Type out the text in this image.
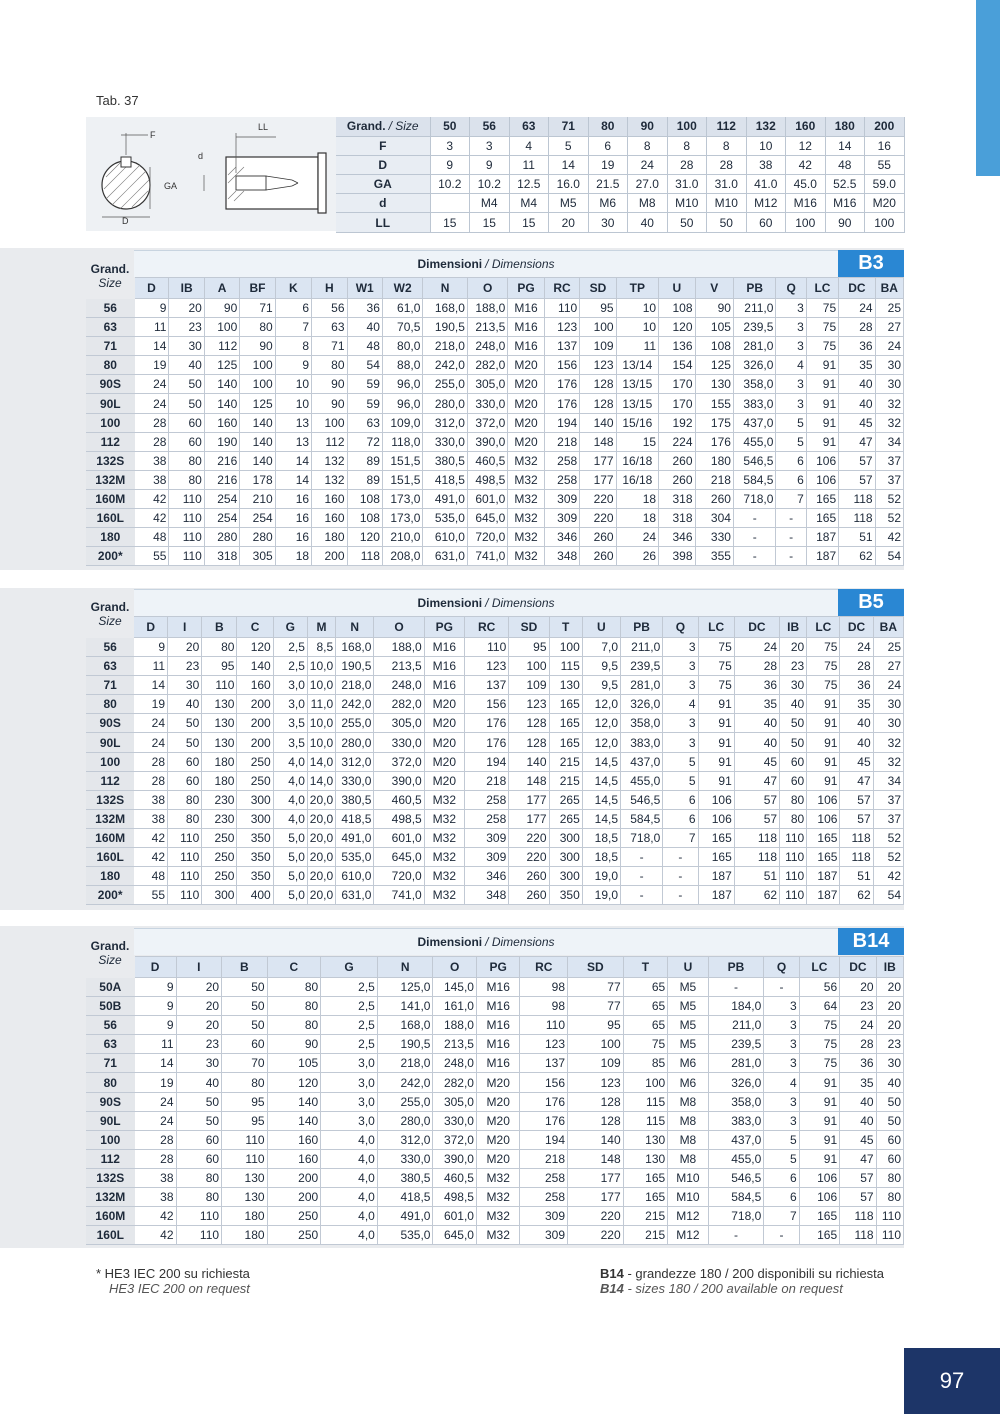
Tab. 37
F
GA
D
LL
d
Grand. / Size	50	56	63	71	80	90	100	112	132	160	180	200
F	3	3	4	5	6	8	8	8	10	12	14	16
D	9	9	11	14	19	24	28	28	38	42	48	55
GA	10.2	10.2	12.5	16.0	21.5	27.0	31.0	31.0	41.0	45.0	52.5	59.0
d		M4	M4	M5	M6	M8	M10	M10	M12	M16	M16	M20
LL	15	15	15	20	30	40	50	50	60	100	90	100
Grand.
Size
Dimensioni / Dimensions	B3
	D	IB	A	BF	K	H	W1	W2	N	O	PG	RC	SD	TP	U	V	PB	Q	LC	DC	BA
56	9	20	90	71	6	56	36	61,0	168,0	188,0	M16	110	95	10	108	90	211,0	3	75	24	25
63	11	23	100	80	7	63	40	70,5	190,5	213,5	M16	123	100	10	120	105	239,5	3	75	28	27
71	14	30	112	90	8	71	48	80,0	218,0	248,0	M16	137	109	11	136	108	281,0	3	75	36	24
80	19	40	125	100	9	80	54	88,0	242,0	282,0	M20	156	123	13/14	154	125	326,0	4	91	35	30
90S	24	50	140	100	10	90	59	96,0	255,0	305,0	M20	176	128	13/15	170	130	358,0	3	91	40	30
90L	24	50	140	125	10	90	59	96,0	280,0	330,0	M20	176	128	13/15	170	155	383,0	3	91	40	32
100	28	60	160	140	13	100	63	109,0	312,0	372,0	M20	194	140	15/16	192	175	437,0	5	91	45	32
112	28	60	190	140	13	112	72	118,0	330,0	390,0	M20	218	148	15	224	176	455,0	5	91	47	34
132S	38	80	216	140	14	132	89	151,5	380,5	460,5	M32	258	177	16/18	260	180	546,5	6	106	57	37
132M	38	80	216	178	14	132	89	151,5	418,5	498,5	M32	258	177	16/18	260	218	584,5	6	106	57	37
160M	42	110	254	210	16	160	108	173,0	491,0	601,0	M32	309	220	18	318	260	718,0	7	165	118	52
160L	42	110	254	254	16	160	108	173,0	535,0	645,0	M32	309	220	18	318	304	-	-	165	118	52
180	48	110	280	280	16	180	120	210,0	610,0	720,0	M32	346	260	24	346	330	-	-	187	51	42
200*	55	110	318	305	18	200	118	208,0	631,0	741,0	M32	348	260	26	398	355	-	-	187	62	54
Grand.
Size
Dimensioni / Dimensions	B5
	D	I	B	C	G	M	N	O	PG	RC	SD	T	U	PB	Q	LC	DC	IB	LC	DC	BA
56	9	20	80	120	2,5	8,5	168,0	188,0	M16	110	95	100	7,0	211,0	3	75	24	20	75	24	25
63	11	23	95	140	2,5	10,0	190,5	213,5	M16	123	100	115	9,5	239,5	3	75	28	23	75	28	27
71	14	30	110	160	3,0	10,0	218,0	248,0	M16	137	109	130	9,5	281,0	3	75	36	30	75	36	24
80	19	40	130	200	3,0	11,0	242,0	282,0	M20	156	123	165	12,0	326,0	4	91	35	40	91	35	30
90S	24	50	130	200	3,5	10,0	255,0	305,0	M20	176	128	165	12,0	358,0	3	91	40	50	91	40	30
90L	24	50	130	200	3,5	10,0	280,0	330,0	M20	176	128	165	12,0	383,0	3	91	40	50	91	40	32
100	28	60	180	250	4,0	14,0	312,0	372,0	M20	194	140	215	14,5	437,0	5	91	45	60	91	45	32
112	28	60	180	250	4,0	14,0	330,0	390,0	M20	218	148	215	14,5	455,0	5	91	47	60	91	47	34
132S	38	80	230	300	4,0	20,0	380,5	460,5	M32	258	177	265	14,5	546,5	6	106	57	80	106	57	37
132M	38	80	230	300	4,0	20,0	418,5	498,5	M32	258	177	265	14,5	584,5	6	106	57	80	106	57	37
160M	42	110	250	350	5,0	20,0	491,0	601,0	M32	309	220	300	18,5	718,0	7	165	118	110	165	118	52
160L	42	110	250	350	5,0	20,0	535,0	645,0	M32	309	220	300	18,5	-	-	165	118	110	165	118	52
180	48	110	250	350	5,0	20,0	610,0	720,0	M32	346	260	300	19,0	-	-	187	51	110	187	51	42
200*	55	110	300	400	5,0	20,0	631,0	741,0	M32	348	260	350	19,0	-	-	187	62	110	187	62	54
Grand.
Size
Dimensioni / Dimensions	B14
	D	I	B	C	G	N	O	PG	RC	SD	T	U	PB	Q	LC	DC	IB
50A	9	20	50	80	2,5	125,0	145,0	M16	98	77	65	M5	-	-	56	20	20
50B	9	20	50	80	2,5	141,0	161,0	M16	98	77	65	M5	184,0	3	64	23	20
56	9	20	50	80	2,5	168,0	188,0	M16	110	95	65	M5	211,0	3	75	24	20
63	11	23	60	90	2,5	190,5	213,5	M16	123	100	75	M5	239,5	3	75	28	23
71	14	30	70	105	3,0	218,0	248,0	M16	137	109	85	M6	281,0	3	75	36	30
80	19	40	80	120	3,0	242,0	282,0	M20	156	123	100	M6	326,0	4	91	35	40
90S	24	50	95	140	3,0	255,0	305,0	M20	176	128	115	M8	358,0	3	91	40	50
90L	24	50	95	140	3,0	280,0	330,0	M20	176	128	115	M8	383,0	3	91	40	50
100	28	60	110	160	4,0	312,0	372,0	M20	194	140	130	M8	437,0	5	91	45	60
112	28	60	110	160	4,0	330,0	390,0	M20	218	148	130	M8	455,0	5	91	47	60
132S	38	80	130	200	4,0	380,5	460,5	M32	258	177	165	M10	546,5	6	106	57	80
132M	38	80	130	200	4,0	418,5	498,5	M32	258	177	165	M10	584,5	6	106	57	80
160M	42	110	180	250	4,0	491,0	601,0	M32	309	220	215	M12	718,0	7	165	118	110
160L	42	110	180	250	4,0	535,0	645,0	M32	309	220	215	M12	-	-	165	118	110
* HE3 IEC 200 su richiesta
HE3 IEC 200 on request
B14 - grandezze 180 / 200 disponibili su richiesta
B14 - sizes 180 / 200 available on request
97
